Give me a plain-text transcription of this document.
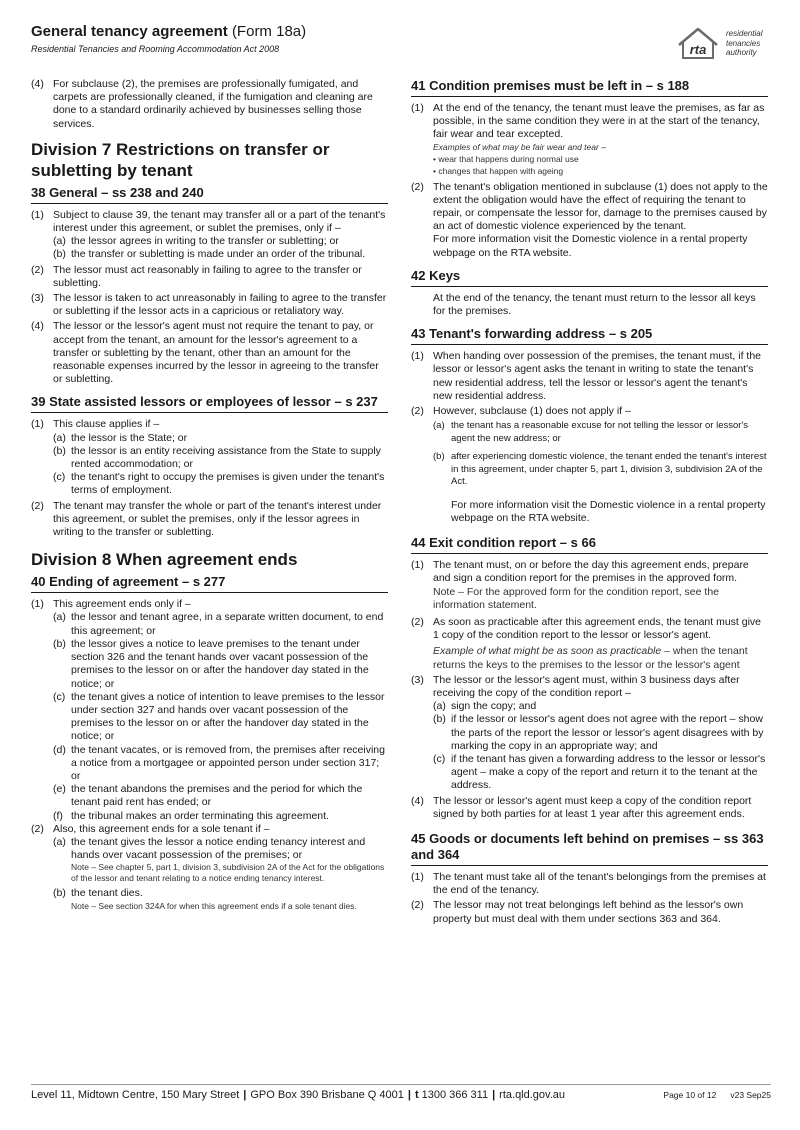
General tenancy agreement (Form 18a)
Residential Tenancies and Rooming Accommodation Act 2008	rta
residential
tenancies
authority
(4) For subclause (2), the premises are professionally fumigated, and carpets are professionally cleaned, if the fumigation and cleaning are done to a standard ordinarily achieved by businesses selling those services.
Division 7 Restrictions on transfer or subletting by tenant
38 General – ss 238 and 240
(1) Subject to clause 39, the tenant may transfer all or a part of the tenant's interest under this agreement, or sublet the premises, only if –
(a) the lessor agrees in writing to the transfer or subletting; or
(b) the transfer or subletting is made under an order of the tribunal.
(2) The lessor must act reasonably in failing to agree to the transfer or subletting.
(3) The lessor is taken to act unreasonably in failing to agree to the transfer or subletting if the lessor acts in a capricious or retaliatory way.
(4) The lessor or the lessor's agent must not require the tenant to pay, or accept from the tenant, an amount for the lessor's agreement to a transfer or subletting by the tenant, other than an amount for the reasonable expenses incurred by the lessor in agreeing to the transfer or subletting.
39 State assisted lessors or employees of lessor – s 237
(1) This clause applies if –
(a) the lessor is the State; or
(b) the lessor is an entity receiving assistance from the State to supply rented accommodation; or
(c) the tenant's right to occupy the premises is given under the tenant's terms of employment.
(2) The tenant may transfer the whole or part of the tenant's interest under this agreement, or sublet the premises, only if the lessor agrees in writing to the transfer or subletting.
Division 8 When agreement ends
40 Ending of agreement – s 277
(1) This agreement ends only if –
(a) the lessor and tenant agree, in a separate written document, to end this agreement; or
(b) the lessor gives a notice to leave premises to the tenant under section 326 and the tenant hands over vacant possession of the premises to the lessor on or after the handover day stated in the notice; or
(c) the tenant gives a notice of intention to leave premises to the lessor under section 327 and hands over vacant possession of the premises to the lessor on or after the handover day stated in the notice; or
(d) the tenant vacates, or is removed from, the premises after receiving a notice from a mortgagee or appointed person under section 317; or
(e) the tenant abandons the premises and the period for which the tenant paid rent has ended; or
(f) the tribunal makes an order terminating this agreement.
(2) Also, this agreement ends for a sole tenant if –
(a) the tenant gives the lessor a notice ending tenancy interest and hands over vacant possession of the premises; or
Note – See chapter 5, part 1, division 3, subdivision 2A of the Act for the obligations of the lessor and tenant relating to a notice ending tenancy interest.
(b) the tenant dies.
Note – See section 324A for when this agreement ends if a sole tenant dies.
41 Condition premises must be left in – s 188
(1) At the end of the tenancy, the tenant must leave the premises, as far as possible, in the same condition they were in at the start of the tenancy, fair wear and tear excepted.
Examples of what may be fair wear and tear –
• wear that happens during normal use
• changes that happen with ageing
(2) The tenant's obligation mentioned in subclause (1) does not apply to the extent the obligation would have the effect of requiring the tenant to repair, or compensate the lessor for, damage to the premises caused by an act of domestic violence experienced by the tenant.
For more information visit the Domestic violence in a rental property webpage on the RTA website.
42 Keys
At the end of the tenancy, the tenant must return to the lessor all keys for the premises.
43 Tenant's forwarding address – s 205
(1) When handing over possession of the premises, the tenant must, if the lessor or lessor's agent asks the tenant in writing to state the tenant's new residential address, tell the lessor or lessor's agent the tenant's new residential address.
(2) However, subclause (1) does not apply if –
(a) the tenant has a reasonable excuse for not telling the lessor or lessor's agent the new address; or
(b) after experiencing domestic violence, the tenant ended the tenant's interest in this agreement, under chapter 5, part 1, division 3, subdivision 2A of the Act.
For more information visit the Domestic violence in a rental property webpage on the RTA website.
44 Exit condition report – s 66
(1) The tenant must, on or before the day this agreement ends, prepare and sign a condition report for the premises in the approved form.
Note – For the approved form for the condition report, see the information statement.
(2) As soon as practicable after this agreement ends, the tenant must give 1 copy of the condition report to the lessor or lessor's agent.
Example of what might be as soon as practicable – when the tenant returns the keys to the premises to the lessor or the lessor's agent
(3) The lessor or the lessor's agent must, within 3 business days after receiving the copy of the condition report –
(a) sign the copy; and
(b) if the lessor or lessor's agent does not agree with the report – show the parts of the report the lessor or lessor's agent disagrees with by marking the copy in an appropriate way; and
(c) if the tenant has given a forwarding address to the lessor or lessor's agent – make a copy of the report and return it to the tenant at the address.
(4) The lessor or lessor's agent must keep a copy of the condition report signed by both parties for at least 1 year after this agreement ends.
45 Goods or documents left behind on premises – ss 363 and 364
(1) The tenant must take all of the tenant's belongings from the premises at the end of the tenancy.
(2) The lessor may not treat belongings left behind as the lessor's own property but must deal with them under sections 363 and 364.
Level 11, Midtown Centre, 150 Mary Street | GPO Box 390 Brisbane Q 4001 | t 1300 366 311 | rta.qld.gov.au	Page 10 of 12 v23 Sep25
